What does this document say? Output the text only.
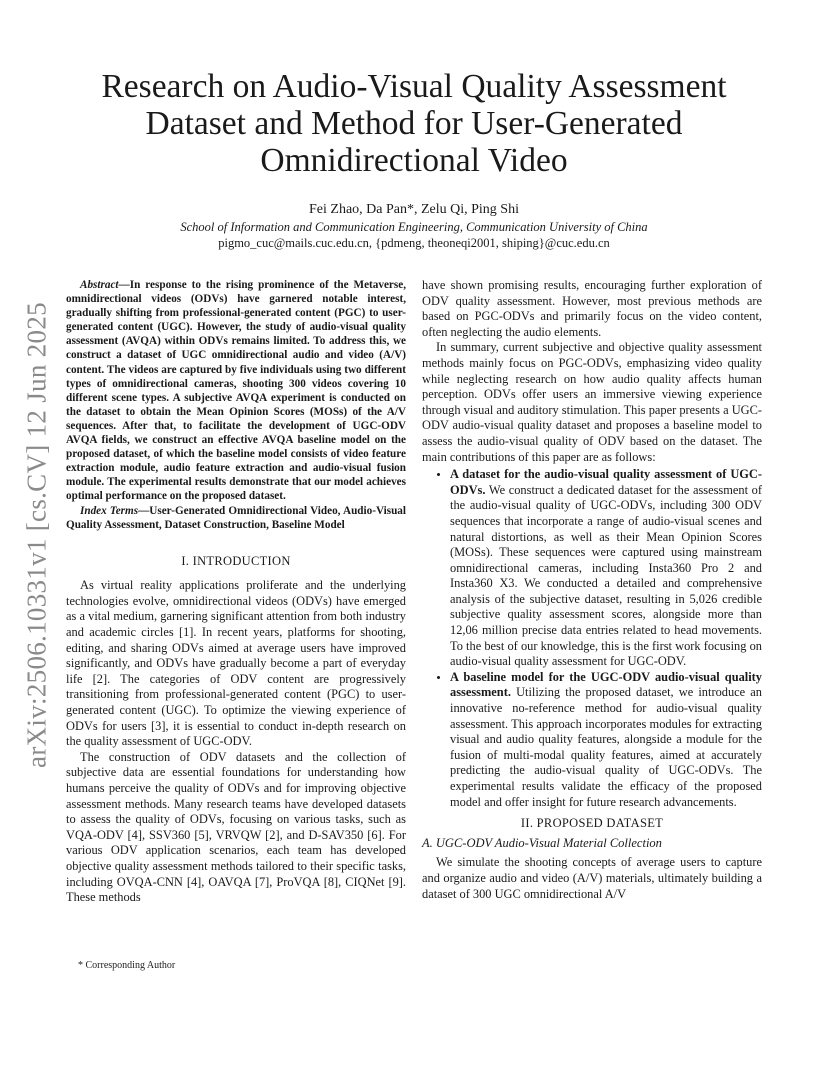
arXiv:2506.10331v1 [cs.CV] 12 Jun 2025
Research on Audio-Visual Quality Assessment Dataset and Method for User-Generated Omnidirectional Video
Fei Zhao, Da Pan*, Zelu Qi, Ping Shi
School of Information and Communication Engineering, Communication University of China
pigmo_cuc@mails.cuc.edu.cn, {pdmeng, theoneqi2001, shiping}@cuc.edu.cn

Abstract—In response to the rising prominence of the Metaverse, omnidirectional videos (ODVs) have garnered notable interest, gradually shifting from professional-generated content (PGC) to user-generated content (UGC). However, the study of audio-visual quality assessment (AVQA) within ODVs remains limited. To address this, we construct a dataset of UGC omnidirectional audio and video (A/V) content. The videos are captured by five individuals using two different types of omnidirectional cameras, shooting 300 videos covering 10 different scene types. A subjective AVQA experiment is conducted on the dataset to obtain the Mean Opinion Scores (MOSs) of the A/V sequences. After that, to facilitate the development of UGC-ODV AVQA fields, we construct an effective AVQA baseline model on the proposed dataset, of which the baseline model consists of video feature extraction module, audio feature extraction and audio-visual fusion module. The experimental results demonstrate that our model achieves optimal performance on the proposed dataset.

Index Terms—User-Generated Omnidirectional Video, Audio-Visual Quality Assessment, Dataset Construction, Baseline Model

I. INTRODUCTION

As virtual reality applications proliferate and the underlying technologies evolve, omnidirectional videos (ODVs) have emerged as a vital medium, garnering significant attention from both industry and academic circles [1]. In recent years, platforms for shooting, editing, and sharing ODVs aimed at average users have improved significantly, and ODVs have gradually become a part of everyday life [2]. The categories of ODV content are progressively transitioning from professional-generated content (PGC) to user-generated content (UGC). To optimize the viewing experience of ODVs for users [3], it is essential to conduct in-depth research on the quality assessment of UGC-ODV.

The construction of ODV datasets and the collection of subjective data are essential foundations for understanding how humans perceive the quality of ODVs and for improving objective assessment methods. Many research teams have developed datasets to assess the quality of ODVs, focusing on various tasks, such as VQA-ODV [4], SSV360 [5], VRVQW [2], and D-SAV350 [6]. For various ODV application scenarios, each team has developed objective quality assessment methods tailored to their specific tasks, including OVQA-CNN [4], OAVQA [7], ProVQA [8], CIQNet [9]. These methods

have shown promising results, encouraging further exploration of ODV quality assessment. However, most previous methods are based on PGC-ODVs and primarily focus on the video content, often neglecting the audio elements.

In summary, current subjective and objective quality assessment methods mainly focus on PGC-ODVs, emphasizing video quality while neglecting research on how audio quality affects human perception. ODVs offer users an immersive viewing experience through visual and auditory stimulation. This paper presents a UGC-ODV audio-visual quality dataset and proposes a baseline model to assess the audio-visual quality of ODV based on the dataset. The main contributions of this paper are as follows:

• A dataset for the audio-visual quality assessment of UGC-ODVs. We construct a dedicated dataset for the assessment of the audio-visual quality of UGC-ODVs, including 300 ODV sequences that incorporate a range of audio-visual scenes and natural distortions, as well as their Mean Opinion Scores (MOSs). These sequences were captured using mainstream omnidirectional cameras, including Insta360 Pro 2 and Insta360 X3. We conducted a detailed and comprehensive analysis of the subjective dataset, resulting in 5,026 credible subjective quality assessment scores, alongside more than 12,06 million precise data entries related to head movements. To the best of our knowledge, this is the first work focusing on audio-visual quality assessment for UGC-ODV.
• A baseline model for the UGC-ODV audio-visual quality assessment. Utilizing the proposed dataset, we introduce an innovative no-reference method for audio-visual quality assessment. This approach incorporates modules for extracting visual and audio quality features, alongside a module for the fusion of multi-modal quality features, aimed at accurately predicting the audio-visual quality of UGC-ODVs. The experimental results validate the efficacy of the proposed model and offer insight for future research advancements.
II. PROPOSED DATASET
A. UGC-ODV Audio-Visual Material Collection

We simulate the shooting concepts of average users to capture and organize audio and video (A/V) materials, ultimately building a dataset of 300 UGC omnidirectional A/V

* Corresponding Author
